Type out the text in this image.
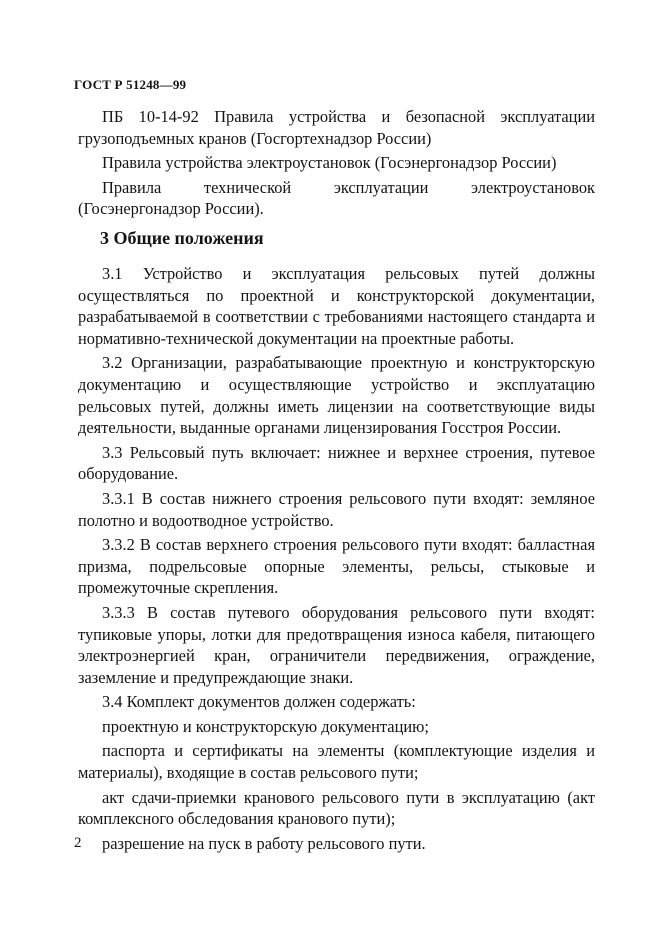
ГОСТ Р 51248—99

ПБ 10-14-92 Правила устройства и безопасной эксплуатации грузоподъемных кранов (Госгортехнадзор России)

Правила устройства электроустановок (Госэнергонадзор России)

Правила технической эксплуатации электроустановок (Госэнергонадзор России).

3 Общие положения

3.1 Устройство и эксплуатация рельсовых путей должны осуществляться по проектной и конструкторской документации, разрабатываемой в соответствии с требованиями настоящего стандарта и нормативно-технической документации на проектные работы.

3.2 Организации, разрабатывающие проектную и конструкторскую документацию и осуществляющие устройство и эксплуатацию рельсовых путей, должны иметь лицензии на соответствующие виды деятельности, выданные органами лицензирования Госстроя России.

3.3 Рельсовый путь включает: нижнее и верхнее строения, путевое оборудование.

3.3.1 В состав нижнего строения рельсового пути входят: земляное полотно и водоотводное устройство.

3.3.2 В состав верхнего строения рельсового пути входят: балластная призма, подрельсовые опорные элементы, рельсы, стыковые и промежуточные скрепления.

3.3.3 В состав путевого оборудования рельсового пути входят: тупиковые упоры, лотки для предотвращения износа кабеля, питающего электроэнергией кран, ограничители передвижения, ограждение, заземление и предупреждающие знаки.

3.4 Комплект документов должен содержать:

проектную и конструкторскую документацию;

паспорта и сертификаты на элементы (комплектующие изделия и материалы), входящие в состав рельсового пути;

акт сдачи-приемки кранового рельсового пути в эксплуатацию (акт комплексного обследования кранового пути);

разрешение на пуск в работу рельсового пути.

2
